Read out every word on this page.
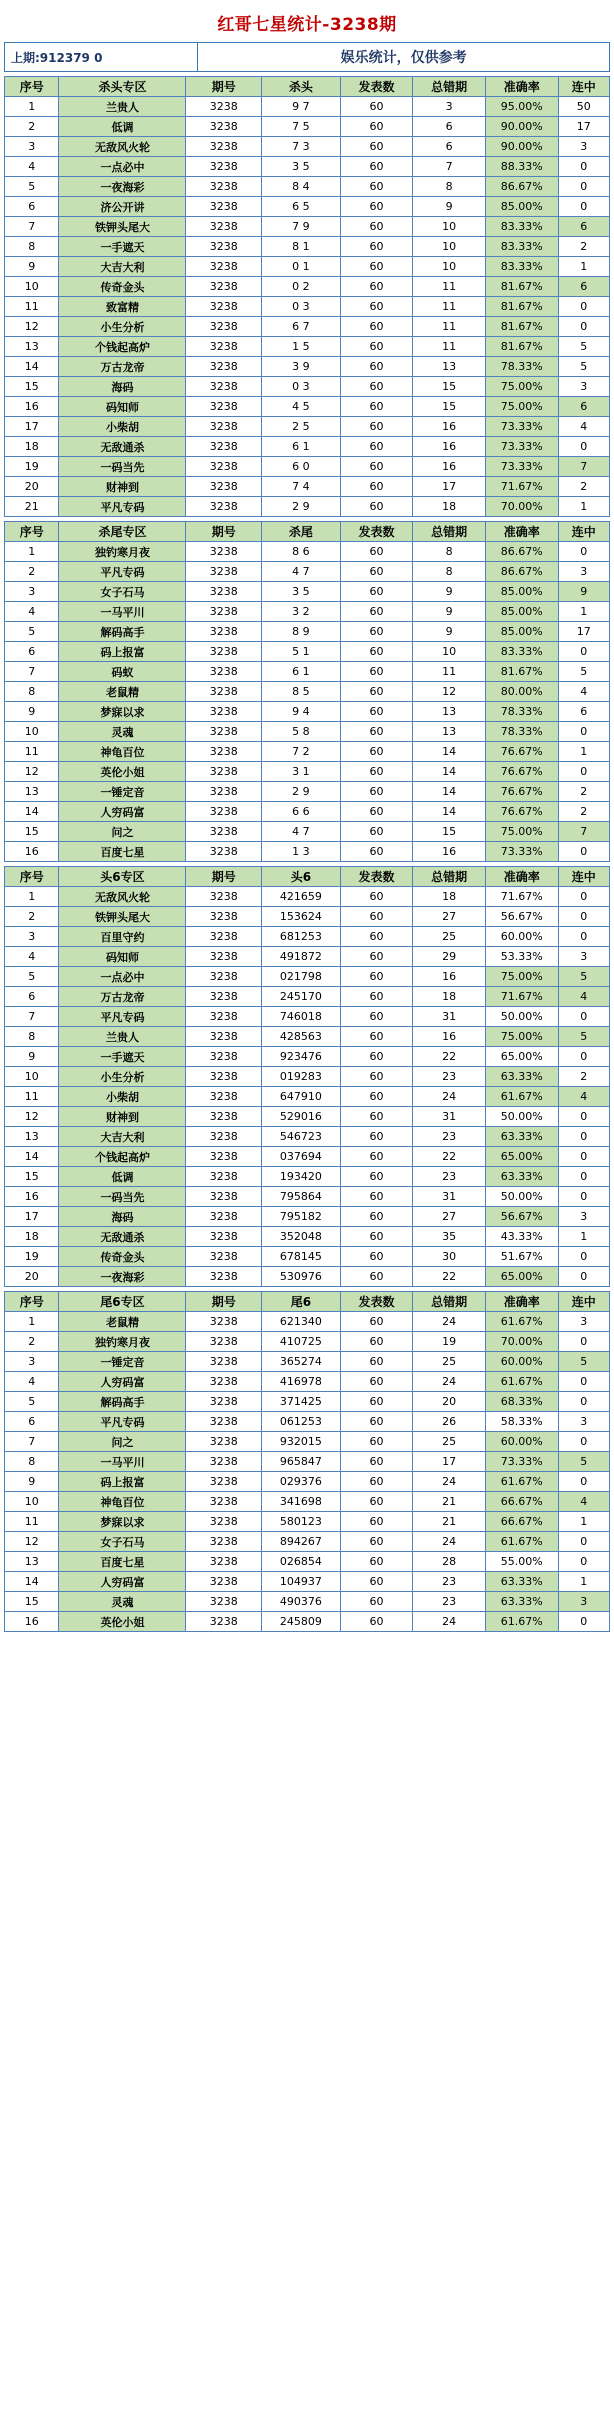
红哥七星统计-3238期
上期:912379 0	娱乐统计，仅供参考
序号	杀头专区	期号	杀头	发表数	总错期	准确率	连中
1	兰贵人	3238	9 7	60	3	95.00%	50
2	低调	3238	7 5	60	6	90.00%	17
3	无敌风火轮	3238	7 3	60	6	90.00%	3
4	一点必中	3238	3 5	60	7	88.33%	0
5	一夜海彩	3238	8 4	60	8	86.67%	0
6	济公开讲	3238	6 5	60	9	85.00%	0
7	铁钾头尾大	3238	7 9	60	10	83.33%	6
8	一手遮天	3238	8 1	60	10	83.33%	2
9	大吉大利	3238	0 1	60	10	83.33%	1
10	传奇金头	3238	0 2	60	11	81.67%	6
11	致富精	3238	0 3	60	11	81.67%	0
12	小生分析	3238	6 7	60	11	81.67%	0
13	个钱起高炉	3238	1 5	60	11	81.67%	5
14	万古龙帝	3238	3 9	60	13	78.33%	5
15	海码	3238	0 3	60	15	75.00%	3
16	码知师	3238	4 5	60	15	75.00%	6
17	小柴胡	3238	2 5	60	16	73.33%	4
18	无敌通杀	3238	6 1	60	16	73.33%	0
19	一码当先	3238	6 0	60	16	73.33%	7
20	财神到	3238	7 4	60	17	71.67%	2
21	平凡专码	3238	2 9	60	18	70.00%	1
序号	杀尾专区	期号	杀尾	发表数	总错期	准确率	连中
1	独钓寒月夜	3238	8 6	60	8	86.67%	0
2	平凡专码	3238	4 7	60	8	86.67%	3
3	女子石马	3238	3 5	60	9	85.00%	9
4	一马平川	3238	3 2	60	9	85.00%	1
5	解码高手	3238	8 9	60	9	85.00%	17
6	码上报富	3238	5 1	60	10	83.33%	0
7	码蚁	3238	6 1	60	11	81.67%	5
8	老鼠精	3238	8 5	60	12	80.00%	4
9	梦寐以求	3238	9 4	60	13	78.33%	6
10	灵魂	3238	5 8	60	13	78.33%	0
11	神龟百位	3238	7 2	60	14	76.67%	1
12	英伦小姐	3238	3 1	60	14	76.67%	0
13	一锤定音	3238	2 9	60	14	76.67%	2
14	人穷码富	3238	6 6	60	14	76.67%	2
15	问之	3238	4 7	60	15	75.00%	7
16	百度七星	3238	1 3	60	16	73.33%	0
序号	头6专区	期号	头6	发表数	总错期	准确率	连中
1	无敌风火轮	3238	421659	60	18	71.67%	0
2	铁钾头尾大	3238	153624	60	27	56.67%	0
3	百里守约	3238	681253	60	25	60.00%	0
4	码知师	3238	491872	60	29	53.33%	3
5	一点必中	3238	021798	60	16	75.00%	5
6	万古龙帝	3238	245170	60	18	71.67%	4
7	平凡专码	3238	746018	60	31	50.00%	0
8	兰贵人	3238	428563	60	16	75.00%	5
9	一手遮天	3238	923476	60	22	65.00%	0
10	小生分析	3238	019283	60	23	63.33%	2
11	小柴胡	3238	647910	60	24	61.67%	4
12	财神到	3238	529016	60	31	50.00%	0
13	大吉大利	3238	546723	60	23	63.33%	0
14	个钱起高炉	3238	037694	60	22	65.00%	0
15	低调	3238	193420	60	23	63.33%	0
16	一码当先	3238	795864	60	31	50.00%	0
17	海码	3238	795182	60	27	56.67%	3
18	无敌通杀	3238	352048	60	35	43.33%	1
19	传奇金头	3238	678145	60	30	51.67%	0
20	一夜海彩	3238	530976	60	22	65.00%	0
序号	尾6专区	期号	尾6	发表数	总错期	准确率	连中
1	老鼠精	3238	621340	60	24	61.67%	3
2	独钓寒月夜	3238	410725	60	19	70.00%	0
3	一锤定音	3238	365274	60	25	60.00%	5
4	人穷码富	3238	416978	60	24	61.67%	0
5	解码高手	3238	371425	60	20	68.33%	0
6	平凡专码	3238	061253	60	26	58.33%	3
7	问之	3238	932015	60	25	60.00%	0
8	一马平川	3238	965847	60	17	73.33%	5
9	码上报富	3238	029376	60	24	61.67%	0
10	神龟百位	3238	341698	60	21	66.67%	4
11	梦寐以求	3238	580123	60	21	66.67%	1
12	女子石马	3238	894267	60	24	61.67%	0
13	百度七星	3238	026854	60	28	55.00%	0
14	人穷码富	3238	104937	60	23	63.33%	1
15	灵魂	3238	490376	60	23	63.33%	3
16	英伦小姐	3238	245809	60	24	61.67%	0
